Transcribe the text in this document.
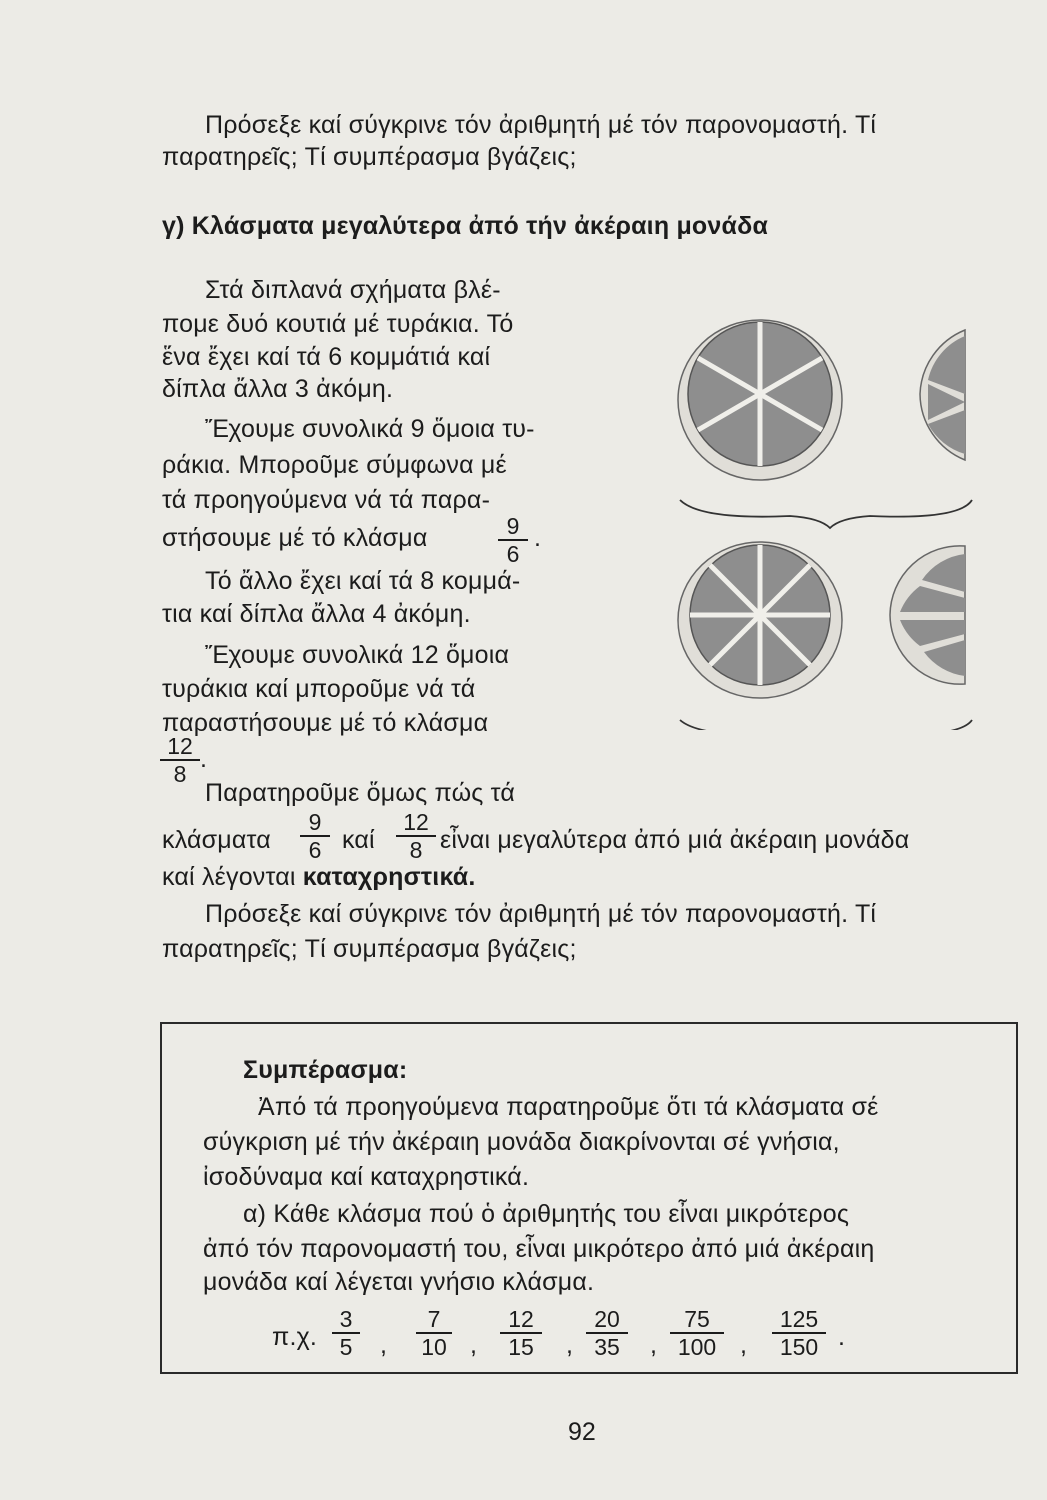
Πρόσεξε καί σύγκρινε τόν ἀριθμητή μέ τόν παρονομαστή. Τί
παρατηρεῖς; Τί συμπέρασμα βγάζεις;
γ) Κλάσματα μεγαλύτερα ἀπό τήν ἀκέραιη μονάδα
Στά διπλανά σχήματα βλέ-
πομε δυό κουτιά μέ τυράκια. Τό
ἕνα ἔχει καί τά 6 κομμάτιά καί
δίπλα ἄλλα 3 ἀκόμη.
Ἔχουμε συνολικά 9 ὅμοια τυ-
ράκια. Μποροῦμε σύμφωνα μέ
τά προηγούμενα νά τά παρα-
στήσουμε μέ τό κλάσμα	9
6
.
Τό ἄλλο ἔχει καί τά 8 κομμά-
τια καί δίπλα ἄλλα 4 ἀκόμη.
Ἔχουμε συνολικά 12 ὅμοια
τυράκια καί μποροῦμε νά τά
παραστήσουμε μέ τό κλάσμα
12
8
.
Παρατηροῦμε ὅμως πώς τά
κλάσματα
9
6 καί
12
8 εἶναι μεγαλύτερα ἀπό μιά ἀκέραιη μονάδα
καί λέγονται καταχρηστικά.
Πρόσεξε καί σύγκρινε τόν ἀριθμητή μέ τόν παρονομαστή. Τί
παρατηρεῖς; Τί συμπέρασμα βγάζεις;
Συμπέρασμα:
Ἀπό τά προηγούμενα παρατηροῦμε ὅτι τά κλάσματα σέ
σύγκριση μέ τήν ἀκέραιη μονάδα διακρίνονται σέ γνήσια,
ἰσοδύναμα καί καταχρηστικά.
α) Κάθε κλάσμα πού ὁ ἀριθμητής του εἶναι μικρότερος
ἀπό τόν παρονομαστή του, εἶναι μικρότερο ἀπό μιά ἀκέραιη
μονάδα καί λέγεται γνήσιο κλάσμα.
π.χ.
3
5	,
7
10 ,
12
15	,
20
35	,
75
100 ,
125
150 .
92
